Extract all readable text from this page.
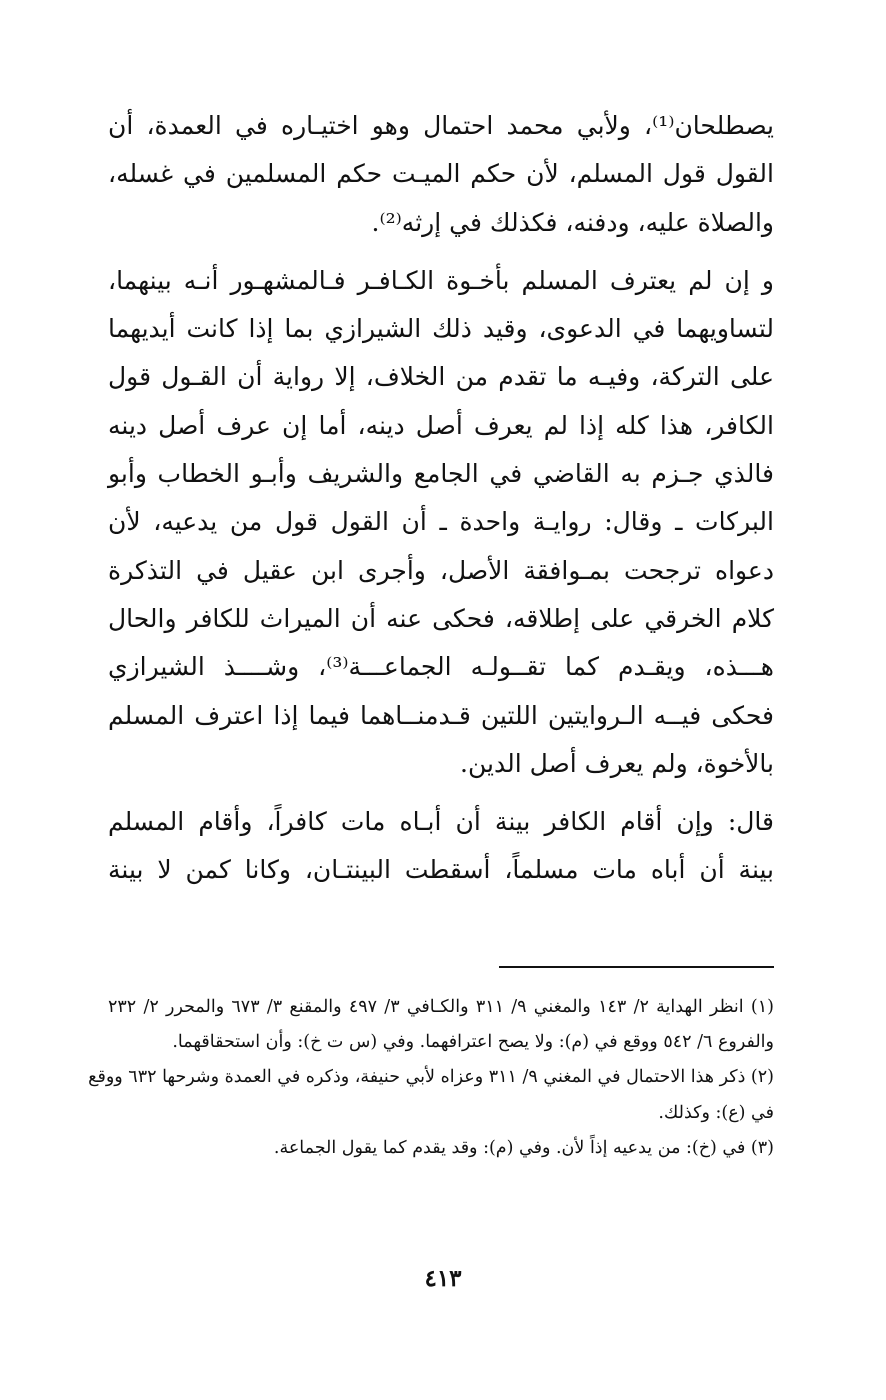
يصطلحان⁽¹⁾، ولأبي محمد احتمال وهو اختيـاره في العمدة، أن
القول قول المسلم، لأن حكم الميـت حكم المسلمين في غسله،
والصلاة عليه، ودفنه، فكذلك في إرثه⁽²⁾.

و إن لم يعترف المسلم بأخـوة الكـافـر فـالمشهـور أنـه بينهما،
لتساويهما في الدعوى، وقيد ذلك الشيرازي بما إذا كانت أيديهما
على التركة، وفيـه ما تقدم من الخلاف، إلا رواية أن القـول قول
الكافر، هذا كله إذا لم يعرف أصل دينه، أما إن عرف أصل دينه
فالذي جـزم به القاضي في الجامع والشريف وأبـو الخطاب وأبو
البركات ـ وقال: روايـة واحدة ـ أن القول قول من يدعيه، لأن
دعواه ترجحت بمـوافقة الأصل، وأجرى ابن عقيل في التذكرة
كلام الخرقي على إطلاقه، فحكى عنه أن الميراث للكافر والحال
هـــذه، ويقـدم كما تقــولـه الجماعـــة⁽³⁾، وشــــذ الشيرازي
فحكى فيــه الـروايتين اللتين قـدمنــاهما فيما إذا اعترف المسلم
بالأخوة، ولم يعرف أصل الدين.

قال: وإن أقام الكافر بينة أن أبـاه مات كافراً، وأقام المسلم
بينة أن أباه مات مسلماً، أسقطت البينتـان، وكانا كمن لا بينة

(١) انظر الهداية ٢/ ١٤٣ والمغني ٩/ ٣١١ والكـافي ٣/ ٤٩٧ والمقنع ٣/ ٦٧٣ والمحرر ٢/ ٢٣٢
والفروع ٦/ ٥٤٢ ووقع في (م): ولا يصح اعترافهما. وفي (س ت خ): وأن استحقاقهما.
(٢) ذكر هذا الاحتمال في المغني ٩/ ٣١١ وعزاه لأبي حنيفة، وذكره في العمدة وشرحها ٦٣٢ ووقع
في (ع): وكذلك.
(٣) في (خ): من يدعيه إذاً لأن. وفي (م): وقد يقدم كما يقول الجماعة.
٤١٣
